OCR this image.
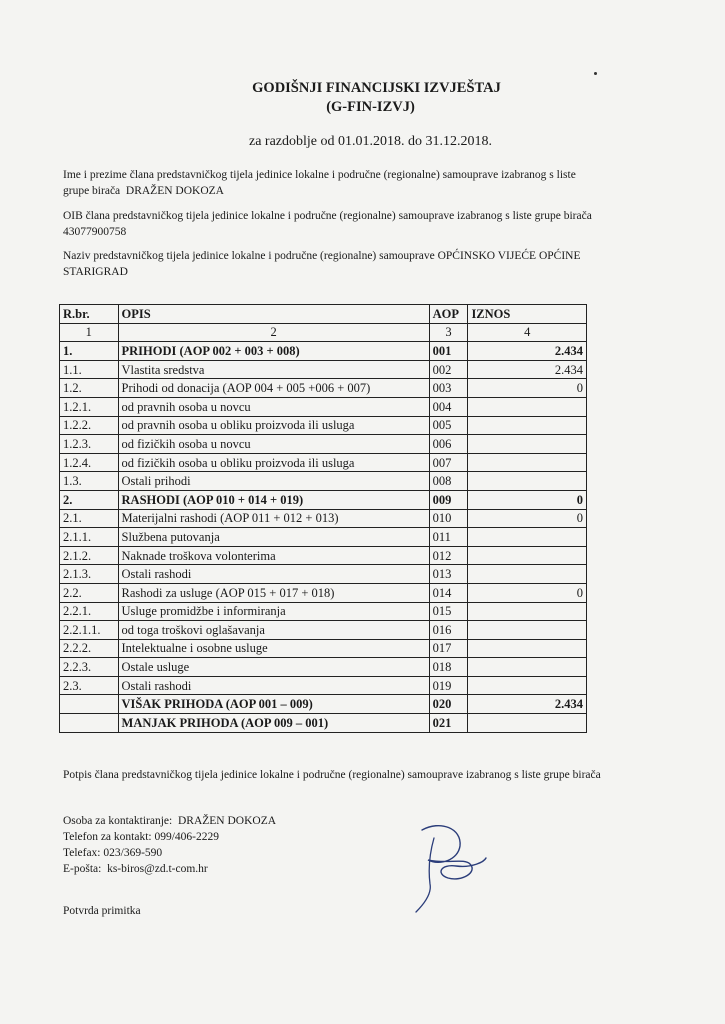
GODIŠNJI FINANCIJSKI IZVJEŠTAJ
(G-FIN-IZVJ)
za razdoblje od 01.01.2018. do 31.12.2018.
Ime i prezime člana predstavničkog tijela jedinice lokalne i područne (regionalne) samouprave izabranog s liste grupe birača DRAŽEN DOKOZA
OIB člana predstavničkog tijela jedinice lokalne i područne (regionalne) samouprave izabranog s liste grupe birača  43077900758
Naziv predstavničkog tijela jedinice lokalne i područne (regionalne) samouprave OPĆINSKO VIJEĆE OPĆINE STARIGRAD
R.br.	OPIS	AOP	IZNOS
1	2	3	4
1.	PRIHODI (AOP 002 + 003 + 008)	001	2.434
1.1.	Vlastita sredstva	002	2.434
1.2.	Prihodi od donacija (AOP 004 + 005 +006 + 007)	003	0
1.2.1.	od pravnih osoba u novcu	004	
1.2.2.	od pravnih osoba u obliku proizvoda ili usluga	005	
1.2.3.	od fizičkih osoba u novcu	006	
1.2.4.	od fizičkih osoba u obliku proizvoda ili usluga	007	
1.3.	Ostali prihodi	008	
2.	RASHODI (AOP 010 + 014 + 019)	009	0
2.1.	Materijalni rashodi (AOP 011 + 012 + 013)	010	0
2.1.1.	Službena putovanja	011	
2.1.2.	Naknade troškova volonterima	012	
2.1.3.	Ostali rashodi	013	
2.2.	Rashodi za usluge (AOP 015 + 017 + 018)	014	0
2.2.1.	Usluge promidžbe i informiranja	015	
2.2.1.1.	od toga troškovi oglašavanja	016	
2.2.2.	Intelektualne i osobne usluge	017	
2.2.3.	Ostale usluge	018	
2.3.	Ostali rashodi	019	
	VIŠAK PRIHODA (AOP 001 – 009)	020	2.434
	MANJAK PRIHODA (AOP 009 – 001)	021	
Potpis člana predstavničkog tijela jedinice lokalne i područne (regionalne) samouprave izabranog s liste grupe birača
Osoba za kontaktiranje: DRAŽEN DOKOZA
Telefon za kontakt: 099/406-2229
Telefax: 023/369-590
E-pošta: ks-biros@zd.t-com.hr
Potvrda primitka
